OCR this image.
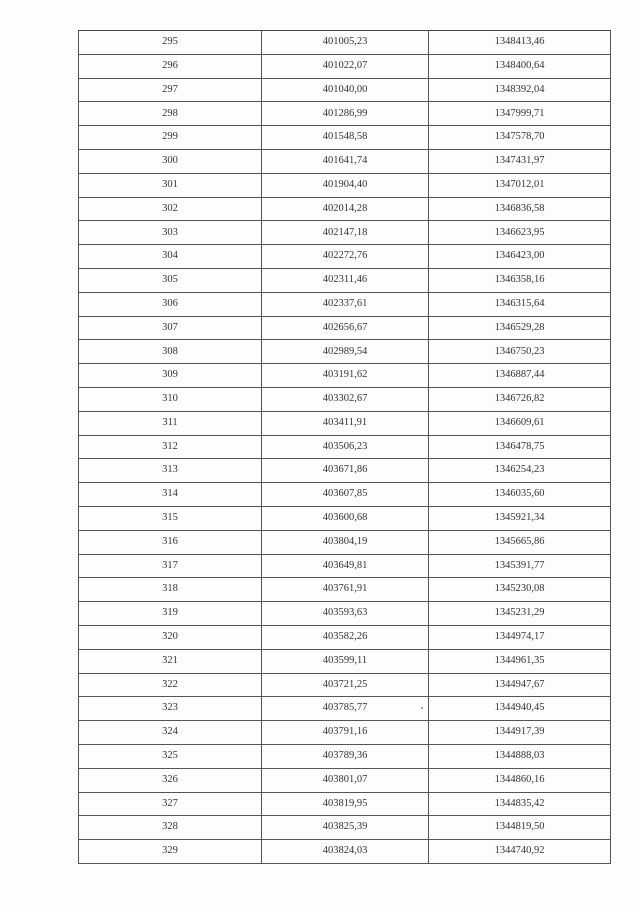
295	401005,23	1348413,46
296	401022,07	1348400,64
297	401040,00	1348392,04
298	401286,99	1347999,71
299	401548,58	1347578,70
300	401641,74	1347431,97
301	401904,40	1347012,01
302	402014,28	1346836,58
303	402147,18	1346623,95
304	402272,76	1346423,00
305	402311,46	1346358,16
306	402337,61	1346315,64
307	402656,67	1346529,28
308	402989,54	1346750,23
309	403191,62	1346887,44
310	403302,67	1346726,82
311	403411,91	1346609,61
312	403506,23	1346478,75
313	403671,86	1346254,23
314	403607,85	1346035,60
315	403600,68	1345921,34
316	403804,19	1345665,86
317	403649,81	1345391,77
318	403761,91	1345230,08
319	403593,63	1345231,29
320	403582,26	1344974,17
321	403599,11	1344961,35
322	403721,25	1344947,67
323	403785,77	1344940,45
324	403791,16	1344917,39
325	403789,36	1344888,03
326	403801,07	1344860,16
327	403819,95	1344835,42
328	403825,39	1344819,50
329	403824,03	1344740,92
